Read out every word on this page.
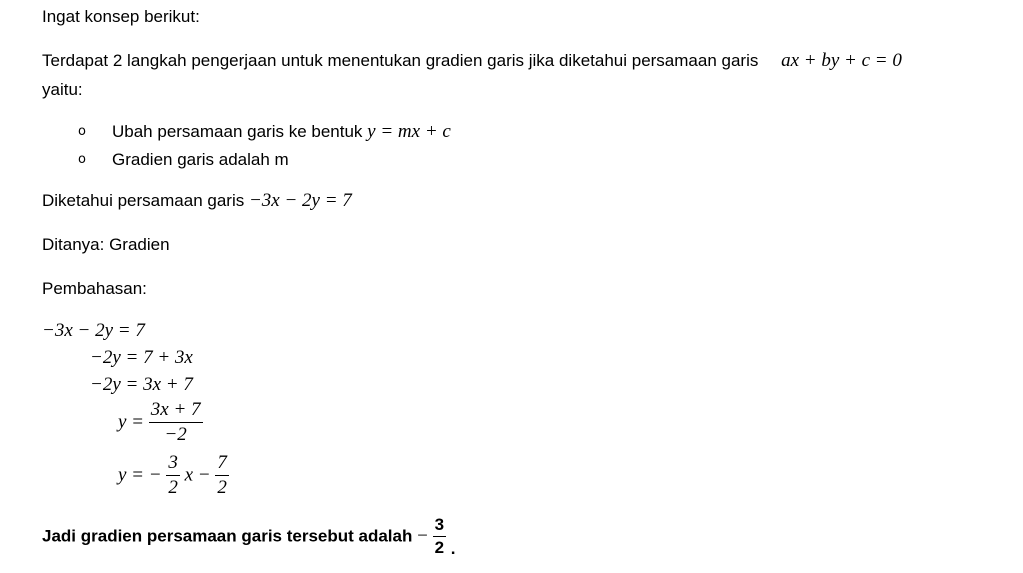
Ingat konsep berikut:
Terdapat 2 langkah pengerjaan untuk menentukan gradien garis jika diketahui persamaan garis ax + by + c = 0
yaitu:
o Ubah persamaan garis ke bentuk y = mx + c
o Gradien garis adalah m
Diketahui persamaan garis −3x − 2y = 7
Ditanya: Gradien
Pembahasan:
−3x − 2y = 7
−2y = 7 + 3x
−2y = 3x + 7
$y = \frac{3x + 7}{-2}$
y = − $\frac{3}{2}$ $x - \frac{7}{2}$
Jadi gradien persamaan garis tersebut adalah − $\frac{3}{2}$ .
